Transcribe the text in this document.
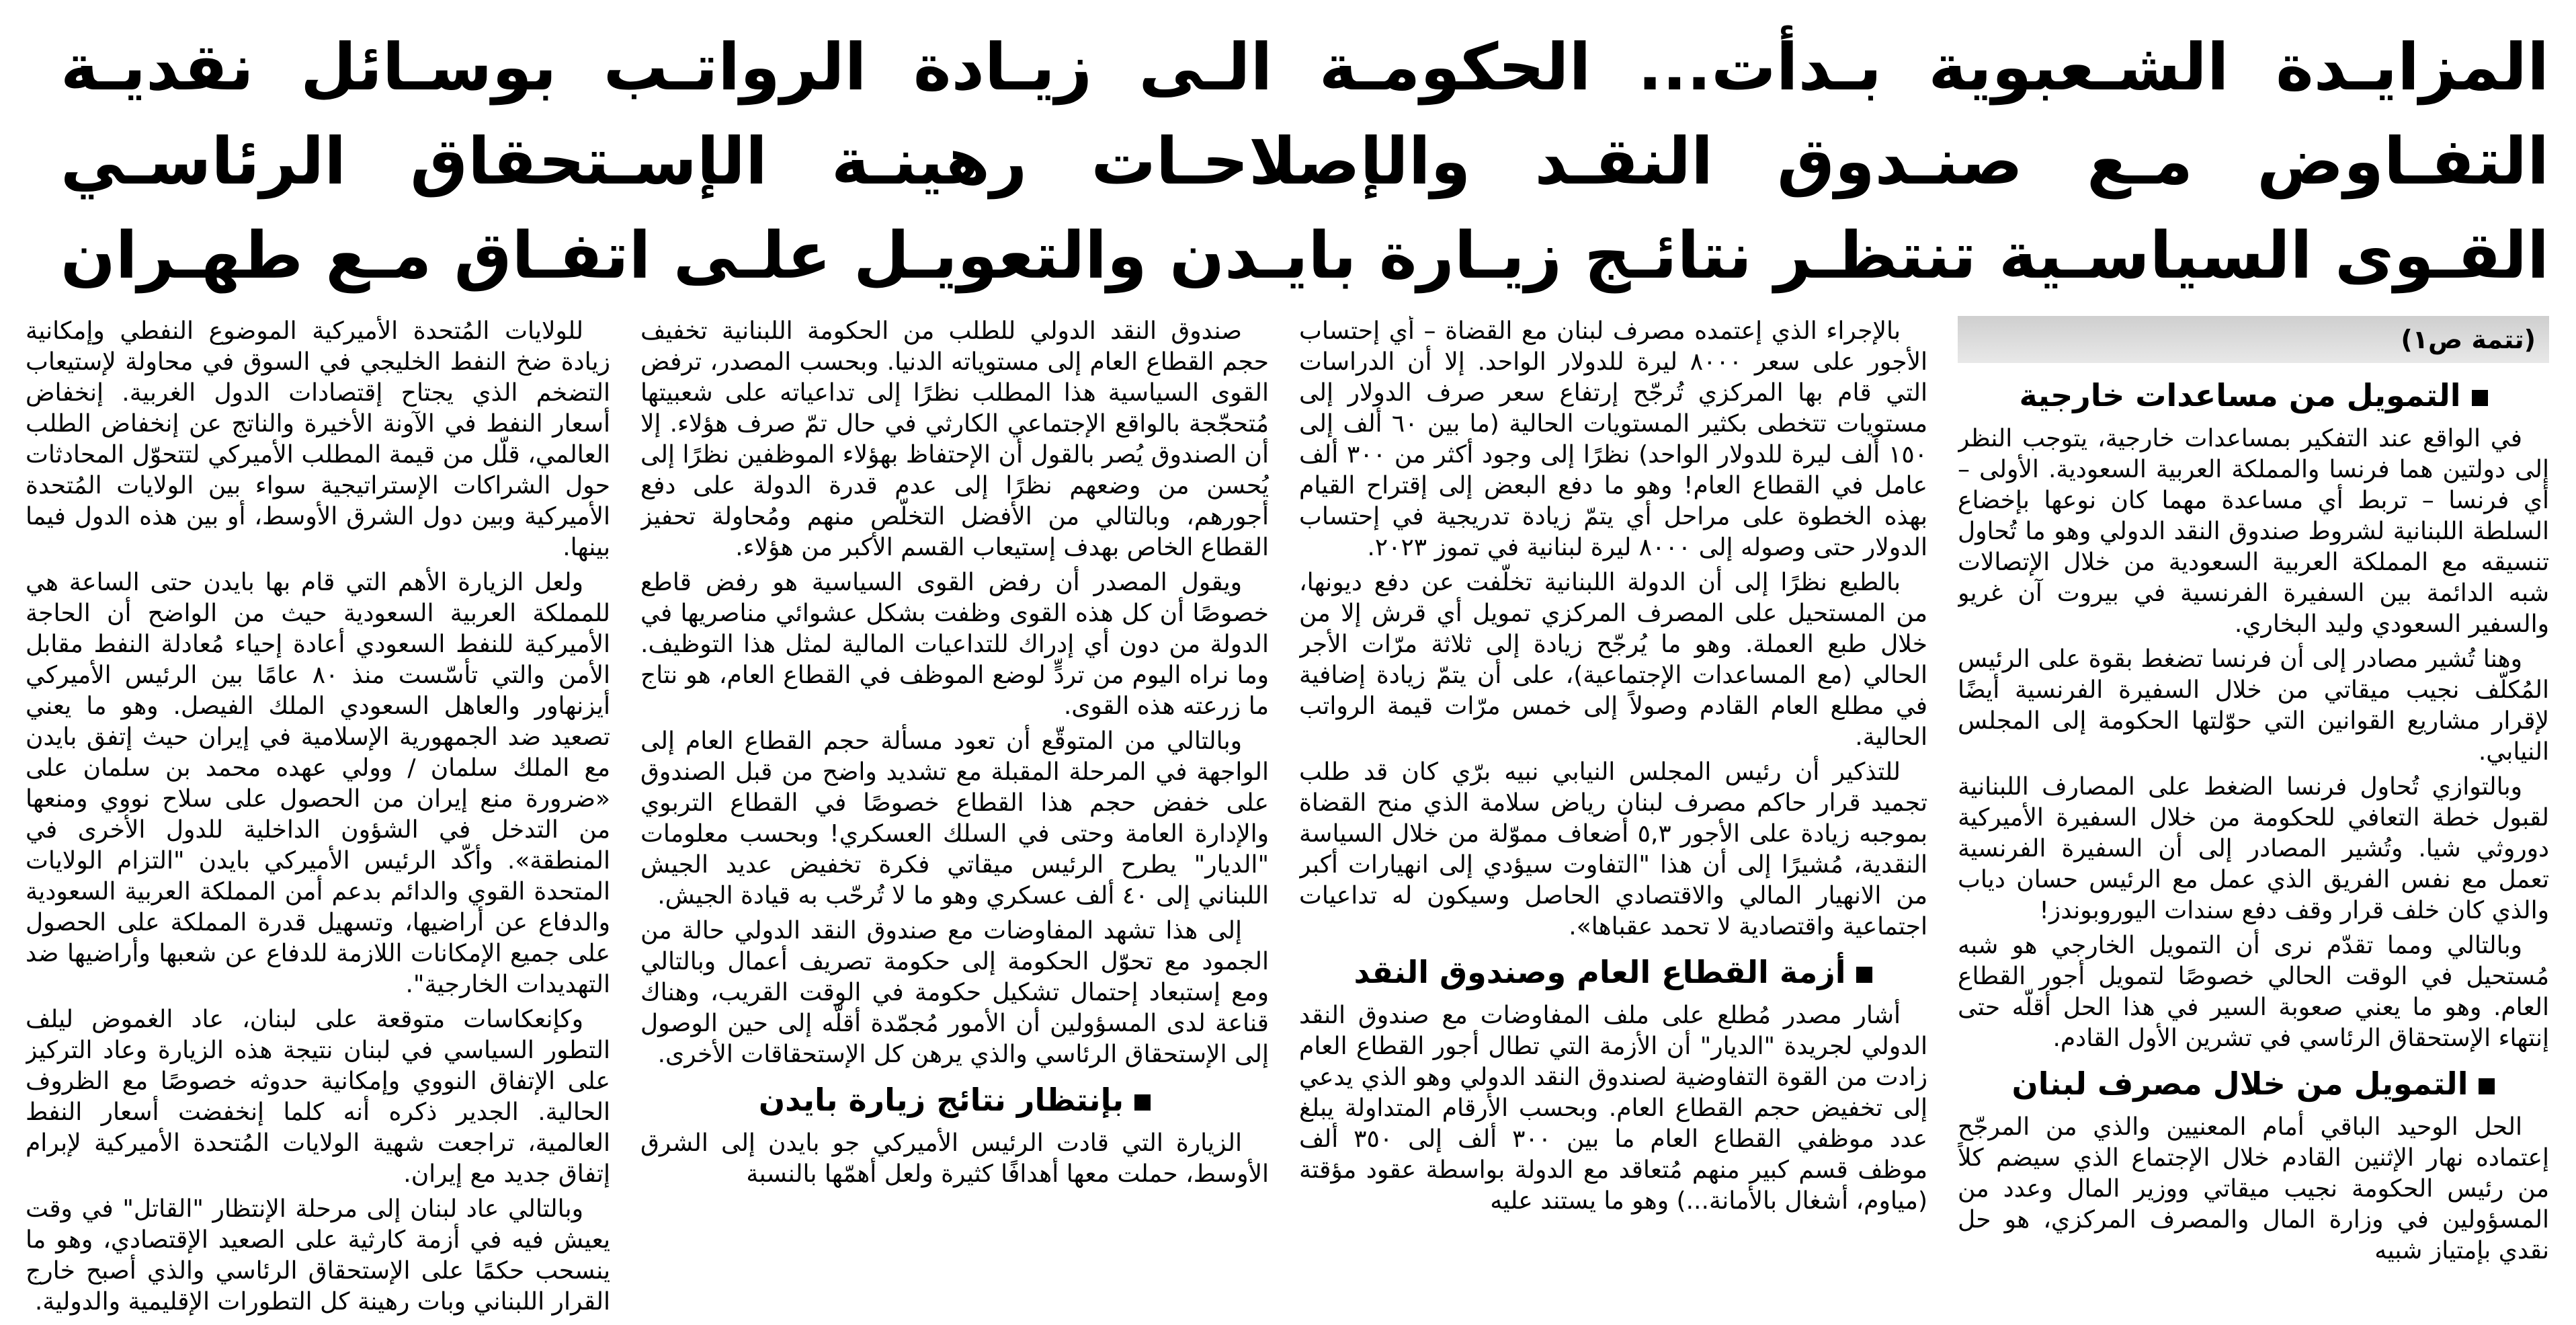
المزايـدة الشـعبوية بـدأت... الحكومـة الـى زيـادة الرواتـب بوسـائل نقديـة
التفـاوض مـع صنـدوق النقـد والإصلاحـات رهينـة الإسـتحقاق الرئاسـي
القـوى السياسـية تنتظـر نتائـج زيـارة بايـدن والتعويـل علـى اتفـاق مـع طهـران
(تتمة ص١)
التمويل من مساعدات خارجية

في الواقع عند التفكير بمساعدات خارجية، يتوجب النظر إلى دولتين هما فرنسا والمملكة العربية السعودية. الأولى – أي فرنسا – تربط أي مساعدة مهما كان نوعها بإخضاع السلطة اللبنانية لشروط صندوق النقد الدولي وهو ما تُحاول تنسيقه مع المملكة العربية السعودية من خلال الإتصالات شبه الدائمة بين السفيرة الفرنسية في بيروت آن غريو والسفير السعودي وليد البخاري.

وهنا تُشير مصادر إلى أن فرنسا تضغط بقوة على الرئيس المُكلّف نجيب ميقاتي من خلال السفيرة الفرنسية أيضًا لإقرار مشاريع القوانين التي حوّلتها الحكومة إلى المجلس النيابي.

وبالتوازي تُحاول فرنسا الضغط على المصارف اللبنانية لقبول خطة التعافي للحكومة من خلال السفيرة الأميركية دوروثي شيا. وتُشير المصادر إلى أن السفيرة الفرنسية تعمل مع نفس الفريق الذي عمل مع الرئيس حسان دياب والذي كان خلف قرار وقف دفع سندات اليوروبوندز!

وبالتالي ومما تقدّم نرى أن التمويل الخارجي هو شبه مُستحيل في الوقت الحالي خصوصًا لتمويل أجور القطاع العام. وهو ما يعني صعوبة السير في هذا الحل أقلّه حتى إنتهاء الإستحقاق الرئاسي في تشرين الأول القادم.

التمويل من خلال مصرف لبنان

الحل الوحيد الباقي أمام المعنيين والذي من المرجّح إعتماده نهار الإثنين القادم خلال الإجتماع الذي سيضم كلاً من رئيس الحكومة نجيب ميقاتي ووزير المال وعدد من المسؤولين في وزارة المال والمصرف المركزي، هو حل نقدي بإمتياز شبيه

بالإجراء الذي إعتمده مصرف لبنان مع القضاة – أي إحتساب الأجور على سعر ٨٠٠٠ ليرة للدولار الواحد. إلا أن الدراسات التي قام بها المركزي تُرجّح إرتفاع سعر صرف الدولار إلى مستويات تتخطى بكثير المستويات الحالية (ما بين ٦٠ ألف إلى ١٥٠ ألف ليرة للدولار الواحد) نظرًا إلى وجود أكثر من ٣٠٠ ألف عامل في القطاع العام! وهو ما دفع البعض إلى إقتراح القيام بهذه الخطوة على مراحل أي يتمّ زيادة تدريجية في إحتساب الدولار حتى وصوله إلى ٨٠٠٠ ليرة لبنانية في تموز ٢٠٢٣.

بالطبع نظرًا إلى أن الدولة اللبنانية تخلّفت عن دفع ديونها، من المستحيل على المصرف المركزي تمويل أي قرش إلا من خلال طبع العملة. وهو ما يُرجّح زيادة إلى ثلاثة مرّات الأجر الحالي (مع المساعدات الإجتماعية)، على أن يتمّ زيادة إضافية في مطلع العام القادم وصولاً إلى خمس مرّات قيمة الرواتب الحالية.

للتذكير أن رئيس المجلس النيابي نبيه برّي كان قد طلب تجميد قرار حاكم مصرف لبنان رياض سلامة الذي منح القضاة بموجبه زيادة على الأجور ٥,٣ أضعاف مموّلة من خلال السياسة النقدية، مُشيرًا إلى أن هذا "التفاوت سيؤدي إلى انهيارات أكبر من الانهيار المالي والاقتصادي الحاصل وسيكون له تداعيات اجتماعية واقتصادية لا تحمد عقباها».

أزمة القطاع العام وصندوق النقد

أشار مصدر مُطلع على ملف المفاوضات مع صندوق النقد الدولي لجريدة "الديار" أن الأزمة التي تطال أجور القطاع العام زادت من القوة التفاوضية لصندوق النقد الدولي وهو الذي يدعي إلى تخفيض حجم القطاع العام. وبحسب الأرقام المتداولة يبلغ عدد موظفي القطاع العام ما بين ٣٠٠ ألف إلى ٣٥٠ ألف موظف قسم كبير منهم مُتعاقد مع الدولة بواسطة عقود مؤقتة (مياوم، أشغال بالأمانة...) وهو ما يستند عليه

صندوق النقد الدولي للطلب من الحكومة اللبنانية تخفيف حجم القطاع العام إلى مستوياته الدنيا. وبحسب المصدر، ترفض القوى السياسية هذا المطلب نظرًا إلى تداعياته على شعبيتها مُتحجّجة بالواقع الإجتماعي الكارثي في حال تمّ صرف هؤلاء. إلا أن الصندوق يُصر بالقول أن الإحتفاظ بهؤلاء الموظفين نظرًا إلى يُحسن من وضعهم نظرًا إلى عدم قدرة الدولة على دفع أجورهم، وبالتالي من الأفضل التخلّص منهم ومُحاولة تحفيز القطاع الخاص بهدف إستيعاب القسم الأكبر من هؤلاء.

ويقول المصدر أن رفض القوى السياسية هو رفض قاطع خصوصًا أن كل هذه القوى وظفت بشكل عشوائي مناصريها في الدولة من دون أي إدراك للتداعيات المالية لمثل هذا التوظيف. وما نراه اليوم من تردٍّ لوضع الموظف في القطاع العام، هو نتاج ما زرعته هذه القوى.

وبالتالي من المتوقّع أن تعود مسألة حجم القطاع العام إلى الواجهة في المرحلة المقبلة مع تشديد واضح من قبل الصندوق على خفض حجم هذا القطاع خصوصًا في القطاع التربوي والإدارة العامة وحتى في السلك العسكري! وبحسب معلومات "الديار" يطرح الرئيس ميقاتي فكرة تخفيض عديد الجيش اللبناني إلى ٤٠ ألف عسكري وهو ما لا تُرحّب به قيادة الجيش.

إلى هذا تشهد المفاوضات مع صندوق النقد الدولي حالة من الجمود مع تحوّل الحكومة إلى حكومة تصريف أعمال وبالتالي ومع إستبعاد إحتمال تشكيل حكومة في الوقت القريب، وهناك قناعة لدى المسؤولين أن الأمور مُجمّدة أقلّه إلى حين الوصول إلى الإستحقاق الرئاسي والذي يرهن كل الإستحقاقات الأخرى.

بإنتظار نتائج زيارة بايدن

الزيارة التي قادت الرئيس الأميركي جو بايدن إلى الشرق الأوسط، حملت معها أهدافًا كثيرة ولعل أهمّها بالنسبة

للولايات المُتحدة الأميركية الموضوع النفطي وإمكانية زيادة ضخ النفط الخليجي في السوق في محاولة لإستيعاب التضخم الذي يجتاح إقتصادات الدول الغربية. إنخفاض أسعار النفط في الآونة الأخيرة والناتج عن إنخفاض الطلب العالمي، قلّل من قيمة المطلب الأميركي لتتحوّل المحادثات حول الشراكات الإستراتيجية سواء بين الولايات المُتحدة الأميركية وبين دول الشرق الأوسط، أو بين هذه الدول فيما بينها.

ولعل الزيارة الأهم التي قام بها بايدن حتى الساعة هي للمملكة العربية السعودية حيث من الواضح أن الحاجة الأميركية للنفط السعودي أعادة إحياء مُعادلة النفط مقابل الأمن والتي تأسّست منذ ٨٠ عامًا بين الرئيس الأميركي أيزنهاور والعاهل السعودي الملك الفيصل. وهو ما يعني تصعيد ضد الجمهورية الإسلامية في إيران حيث إتفق بايدن مع الملك سلمان / وولي عهده محمد بن سلمان على «ضرورة منع إيران من الحصول على سلاح نووي ومنعها من التدخل في الشؤون الداخلية للدول الأخرى في المنطقة». وأكّد الرئيس الأميركي بايدن "التزام الولايات المتحدة القوي والدائم بدعم أمن المملكة العربية السعودية والدفاع عن أراضيها، وتسهيل قدرة المملكة على الحصول على جميع الإمكانات اللازمة للدفاع عن شعبها وأراضيها ضد التهديدات الخارجية".

وكإنعكاسات متوقعة على لبنان، عاد الغموض ليلف التطور السياسي في لبنان نتيجة هذه الزيارة وعاد التركيز على الإتفاق النووي وإمكانية حدوثه خصوصًا مع الظروف الحالية. الجدير ذكره أنه كلما إنخفضت أسعار النفط العالمية، تراجعت شهية الولايات المُتحدة الأميركية لإبرام إتفاق جديد مع إيران.

وبالتالي عاد لبنان إلى مرحلة الإنتظار "القاتل" في وقت يعيش فيه في أزمة كارثية على الصعيد الإقتصادي، وهو ما ينسحب حكمًا على الإستحقاق الرئاسي والذي أصبح خارج القرار اللبناني وبات رهينة كل التطورات الإقليمية والدولية.
